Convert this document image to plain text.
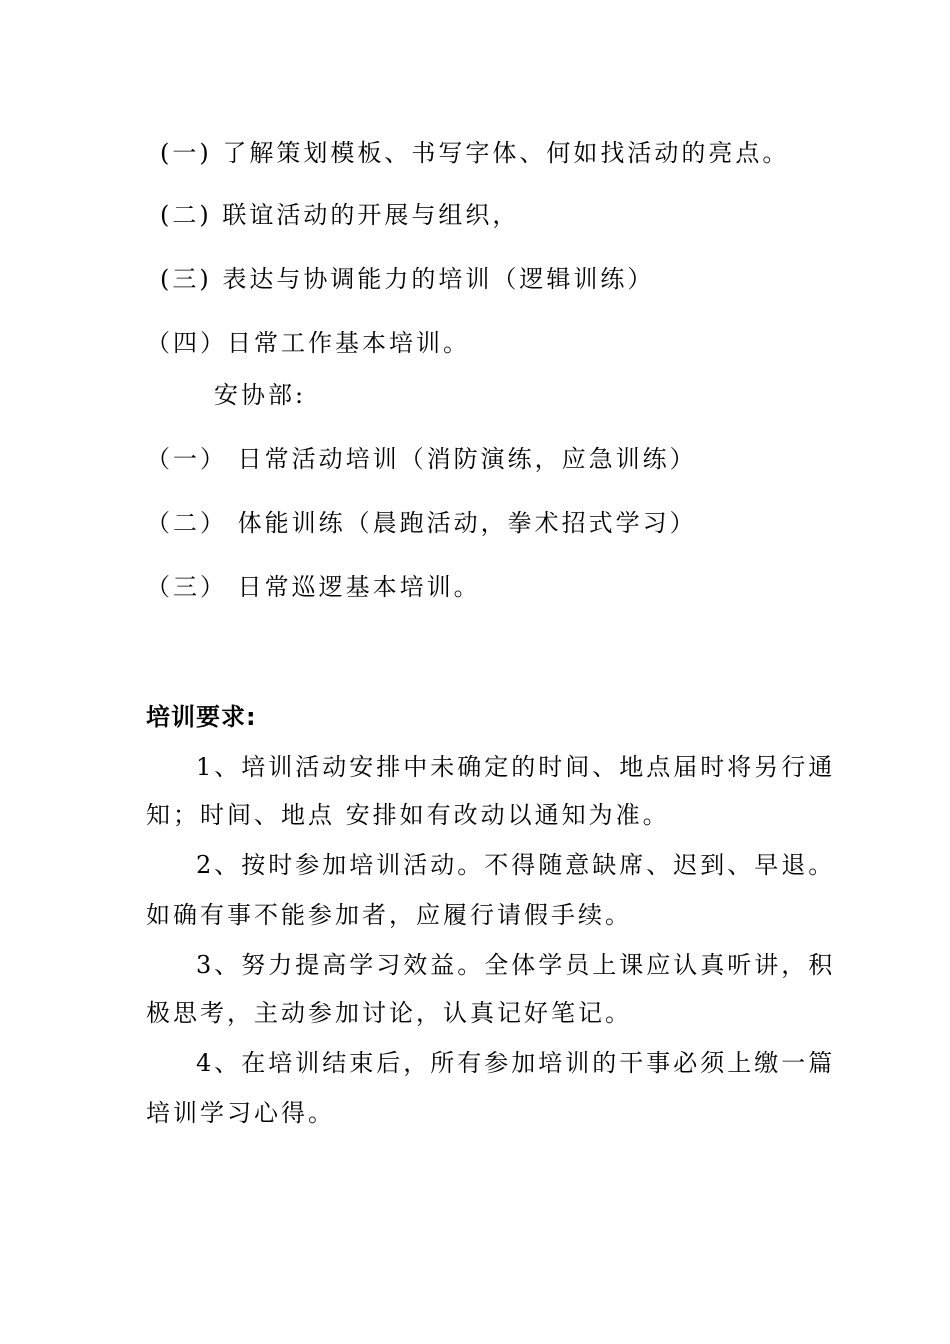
(一) 了解策划模板、书写字体、何如找活动的亮点。
(二) 联谊活动的开展与组织，
(三) 表达与协调能力的培训（逻辑训练）
（四）日常工作基本培训。
安协部:
（一） 日常活动培训（消防演练，应急训练）
（二） 体能训练（晨跑活动，拳术招式学习）
（三） 日常巡逻基本培训。
培训要求:
1、培训活动安排中未确定的时间、地点届时将另行通
知；时间、地点 安排如有改动以通知为准。
2、按时参加培训活动。不得随意缺席、迟到、早退。
如确有事不能参加者，应履行请假手续。
3、努力提高学习效益。全体学员上课应认真听讲，积
极思考，主动参加讨论，认真记好笔记。
4、在培训结束后，所有参加培训的干事必须上缴一篇
培训学习心得。
